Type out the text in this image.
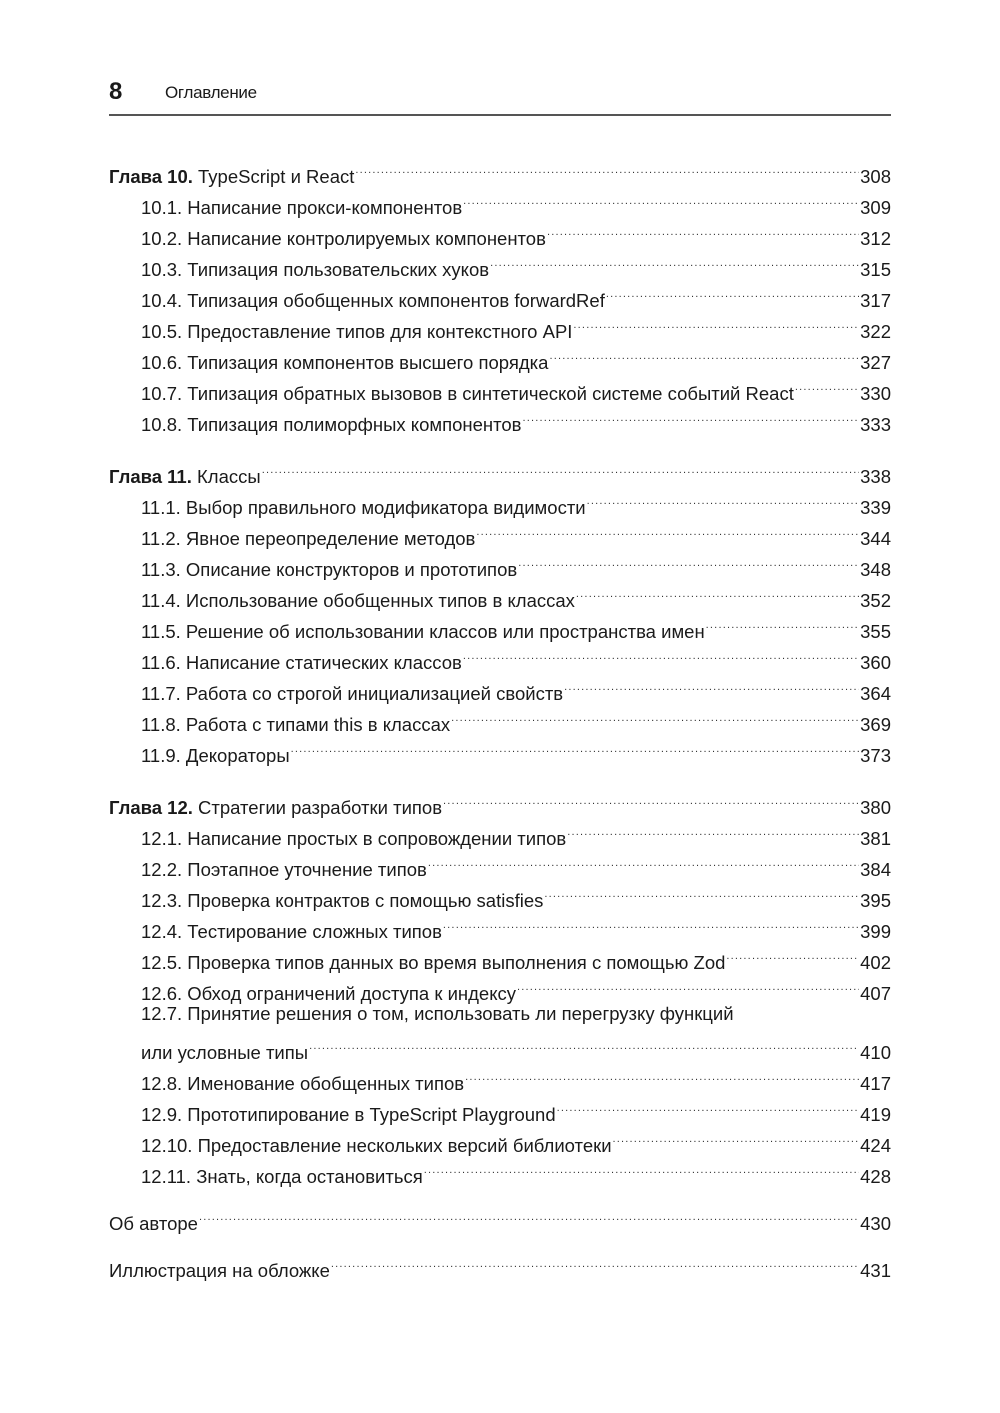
8	Оглавление
Глава 10. TypeScript и React .....	308
10.1. Написание прокси-компонентов .....	309
10.2. Написание контролируемых компонентов .....	312
10.3. Типизация пользовательских хуков .....	315
10.4. Типизация обобщенных компонентов forwardRef .....	317
10.5. Предоставление типов для контекстного API .....	322
10.6. Типизация компонентов высшего порядка .....	327
10.7. Типизация обратных вызовов в синтетической системе событий React .....	330
10.8. Типизация полиморфных компонентов .....	333
Глава 11. Классы .....	338
11.1. Выбор правильного модификатора видимости .....	339
11.2. Явное переопределение методов .....	344
11.3. Описание конструкторов и прототипов .....	348
11.4. Использование обобщенных типов в классах .....	352
11.5. Решение об использовании классов или пространства имен .....	355
11.6. Написание статических классов .....	360
11.7. Работа со строгой инициализацией свойств .....	364
11.8. Работа с типами this в классах .....	369
11.9. Декораторы .....	373
Глава 12. Стратегии разработки типов .....	380
12.1. Написание простых в сопровождении типов .....	381
12.2. Поэтапное уточнение типов .....	384
12.3. Проверка контрактов с помощью satisfies .....	395
12.4. Тестирование сложных типов .....	399
12.5. Проверка типов данных во время выполнения с помощью Zod .....	402
12.6. Обход ограничений доступа к индексу .....	407
12.7. Принятие решения о том, использовать ли перегрузку функций
или условные типы .....	410
12.8. Именование обобщенных типов .....	417
12.9. Прототипирование в TypeScript Playground .....	419
12.10. Предоставление нескольких версий библиотеки .....	424
12.11. Знать, когда остановиться .....	428
Об авторе .....	430
Иллюстрация на обложке .....	431
